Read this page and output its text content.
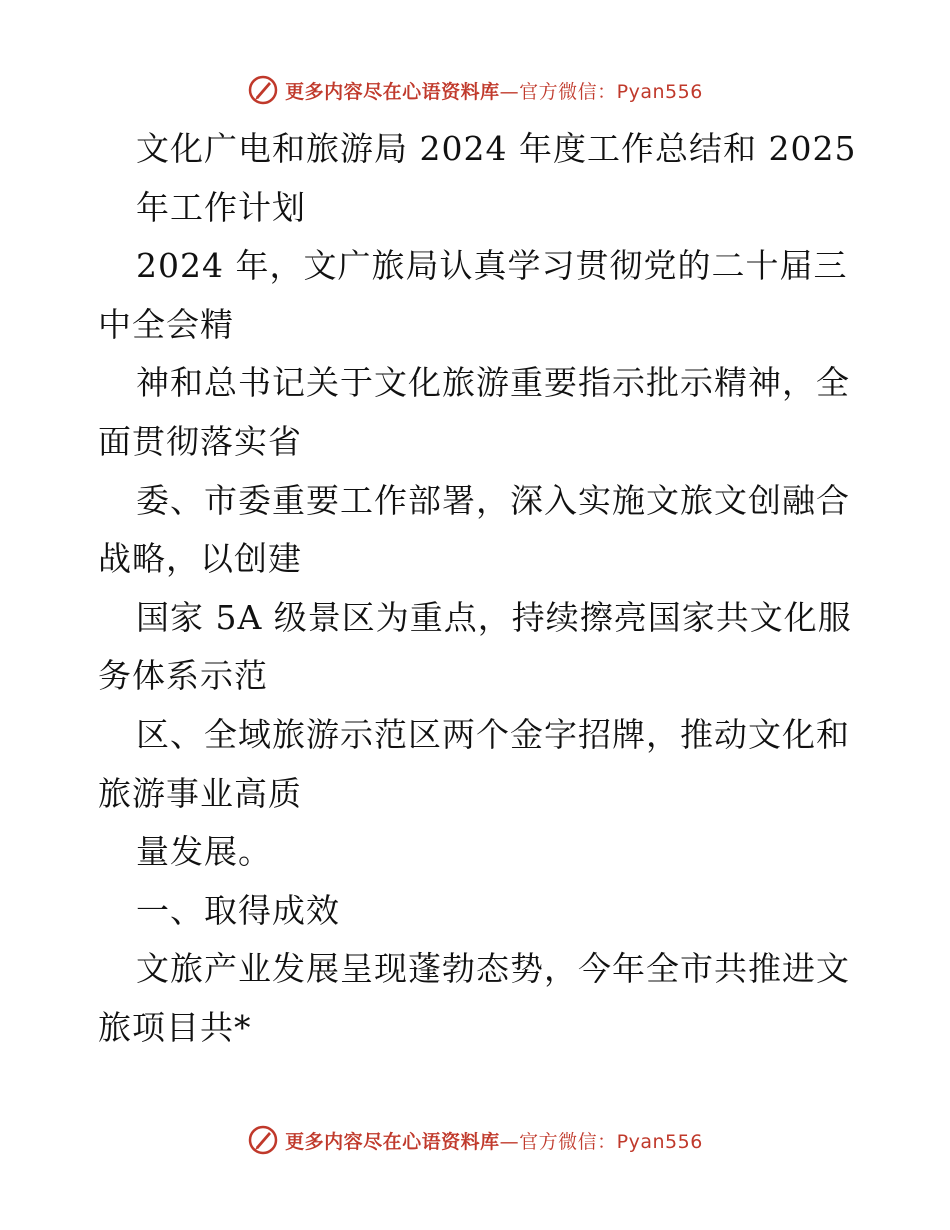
更多内容尽在心语资料库—官方微信：Pyan556
文化广电和旅游局 2024 年度工作总结和 2025
年工作计划
2024 年，文广旅局认真学习贯彻党的二十届三
中全会精
神和总书记关于文化旅游重要指示批示精神，全
面贯彻落实省
委、市委重要工作部署，深入实施文旅文创融合
战略，以创建
国家 5A 级景区为重点，持续擦亮国家共文化服
务体系示范
区、全域旅游示范区两个金字招牌，推动文化和
旅游事业高质
量发展。
一、取得成效
文旅产业发展呈现蓬勃态势，今年全市共推进文
旅项目共*
更多内容尽在心语资料库—官方微信：Pyan556
